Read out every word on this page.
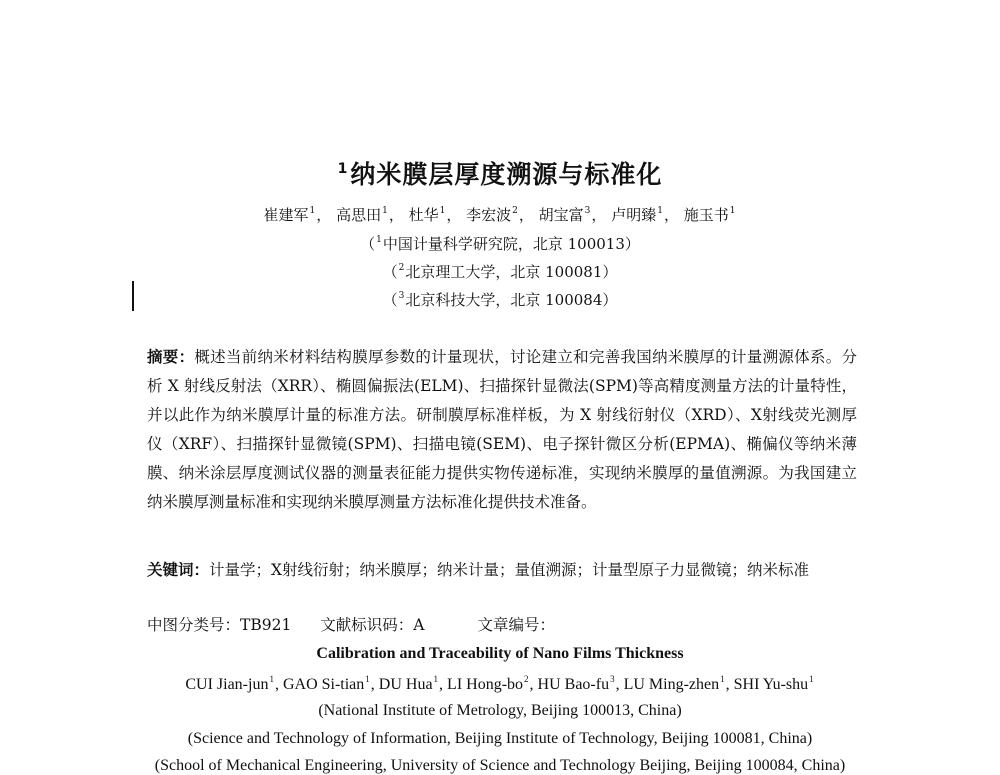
$^1$纳米膜层厚度溯源与标准化
崔建军$^1$， 高思田$^1$， 杜华$^1$， 李宏波$^2$， 胡宝富$^3$， 卢明臻$^1$， 施玉书$^1$
（$^1$中国计量科学研究院，北京 100013）
（$^2$北京理工大学，北京 100081）
（$^3$北京科技大学，北京 100084）
摘要：概述当前纳米材料结构膜厚参数的计量现状，讨论建立和完善我国纳米膜厚的计量溯源体系。分析 X 射线反射法（XRR）、椭圆偏振法(ELM)、扫描探针显微法(SPM)等高精度测量方法的计量特性，并以此作为纳米膜厚计量的标准方法。研制膜厚标准样板，为 X 射线衍射仪（XRD）、X射线荧光测厚仪（XRF）、扫描探针显微镜(SPM)、扫描电镜(SEM)、电子探针微区分析(EPMA)、椭偏仪等纳米薄膜、纳米涂层厚度测试仪器的测量表征能力提供实物传递标准，实现纳米膜厚的量值溯源。为我国建立纳米膜厚测量标准和实现纳米膜厚测量方法标准化提供技术准备。
关键词：计量学；X射线衍射；纳米膜厚；纳米计量；量值溯源；计量型原子力显微镜；纳米标准
中图分类号：TB921 文献标识码：A	文章编号：
Calibration and Traceability of Nano Films Thickness
CUI Jian-jun$^1$, GAO Si-tian$^1$, DU Hua$^1$, LI Hong-$bo^2$, HU Bao-$fu^3$, LU Ming-zhen$^1$, SHI Yu-shu$^1$
(National Institute of Metrology, Beijing 100013, China)
(Science and Technology of Information, Beijing Institute of Technology, Beijing 100081, China)
(School of Mechanical Engineering, University of Science and Technology Beijing, Beijing 100084, China)
